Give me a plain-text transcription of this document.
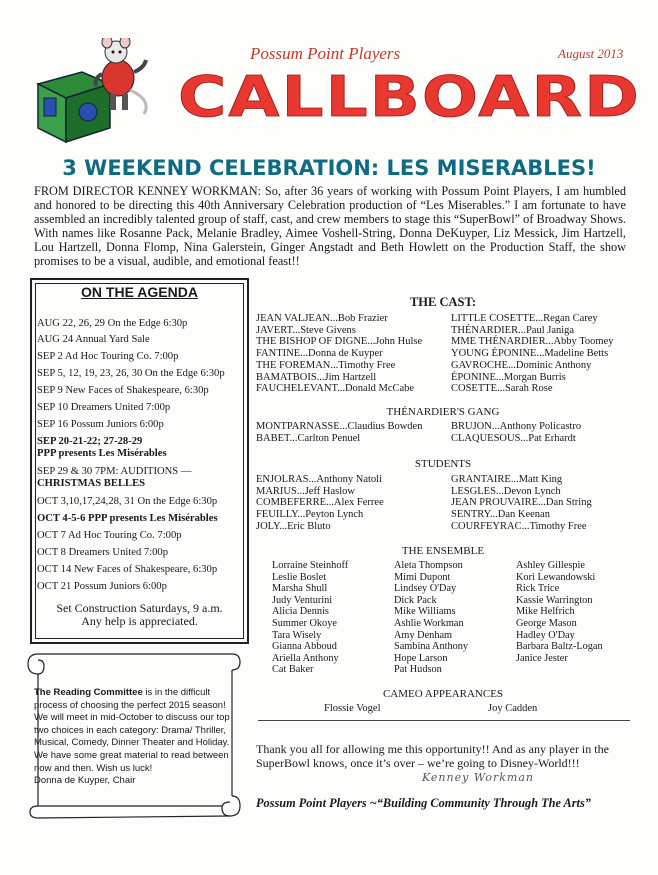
Possum Point Players	August 2013
CALLBOARD
3 WEEKEND CELEBRATION: LES MISERABLES!
FROM DIRECTOR KENNEY WORKMAN: So, after 36 years of working with Possum Point Players, I am humbled and honored to be directing this 40th Anniversary Celebration production of “Les Miserables.” I am fortunate to have assembled an incredibly talented group of staff, cast, and crew members to stage this “SuperBowl” of Broadway Shows. With names like Rosanne Pack, Melanie Bradley, Aimee Voshell-String, Donna DeKuyper, Liz Messick, Jim Hartzell, Lou Hartzell, Donna Flomp, Nina Galerstein, Ginger Angstadt and Beth Howlett on the Production Staff, the show promises to be a visual, audible, and emotional feast!!
ON THE AGENDA
AUG 22, 26, 29 On the Edge 6:30p
AUG 24 Annual Yard Sale
SEP 2 Ad Hoc Touring Co. 7:00p
SEP 5, 12, 19, 23, 26, 30 On the Edge 6:30p
SEP 9 New Faces of Shakespeare, 6:30p
SEP 10 Dreamers United 7:00p
SEP 16 Possum Juniors 6:00p
SEP 20-21-22; 27-28-29
PPP presents Les Misérables
SEP 29 & 30 7PM: AUDITIONS —
CHRISTMAS BELLES
OCT 3,10,17,24,28, 31 On the Edge 6:30p
OCT 4-5-6 PPP presents Les Misérables
OCT 7 Ad Hoc Touring Co. 7:00p
OCT 8 Dreamers United 7:00p
OCT 14 New Faces of Shakespeare, 6:30p
OCT 21 Possum Juniors 6:00p
Set Construction Saturdays, 9 a.m.
Any help is appreciated.
The Reading Committee is in the difficult process of choosing the perfect 2015 season! We will meet in mid-October to discuss our top two choices in each category: Drama/ Thriller, Musical, Comedy, Dinner Theater and Holiday. We have some great material to read between now and then. Wish us luck!
Donna de Kuyper, Chair
THE CAST:
JEAN VALJEAN...Bob Frazier
JAVERT...Steve Givens
THE BISHOP OF DIGNE...John Hulse
FANTINE...Donna de Kuyper
THE FOREMAN...Timothy Free
BAMATBOIS...Jim Hartzell
FAUCHELEVANT...Donald McCabe
LITTLE COSETTE...Regan Carey
THÉNARDIER...Paul Janiga
MME THÉNARDIER...Abby Toomey
YOUNG ÉPONINE...Madeline Betts
GAVROCHE...Dominic Anthony
ÉPONINE...Morgan Burris
COSETTE...Sarah Rose
THÉNARDIER'S GANG
MONTPARNASSE...Claudius Bowden
BABET...Carlton Penuel
BRUJON...Anthony Policastro
CLAQUESOUS...Pat Erhardt
STUDENTS
ENJOLRAS...Anthony Natoli
MARIUS...Jeff Haslow
COMBEFERRE...Alex Ferree
FEUILLY...Peyton Lynch
JOLY...Eric Bluto
GRANTAIRE...Matt King
LESGLES...Devon Lynch
JEAN PROUVAIRE...Dan String
SENTRY...Dan Keenan
COURFEYRAC...Timothy Free
THE ENSEMBLE
Lorraine Steinhoff
Leslie Boslet
Marsha Shull
Judy Venturini
Alicia Dennis
Summer Okoye
Tara Wisely
Gianna Abboud
Ariella Anthony
Cat Baker
Aleta Thompson
Mimi Dupont
Lindsey O'Day
Dick Pack
Mike Williams
Ashlie Workman
Amy Denham
Sambina Anthony
Hope Larson
Pat Hudson
Ashley Gillespie
Kori Lewandowski
Rick Trice
Kassie Warrington
Mike Helfrich
George Mason
Hadley O'Day
Barbara Baltz-Logan
Janice Jester
CAMEO APPEARANCES
Flossie Vogel	Joy Cadden
Thank you all for allowing me this opportunity!! And as any player in the SuperBowl knows, once it’s over – we’re going to Disney-World!!!
Kenney Workman
Possum Point Players ~“Building Community Through The Arts”
